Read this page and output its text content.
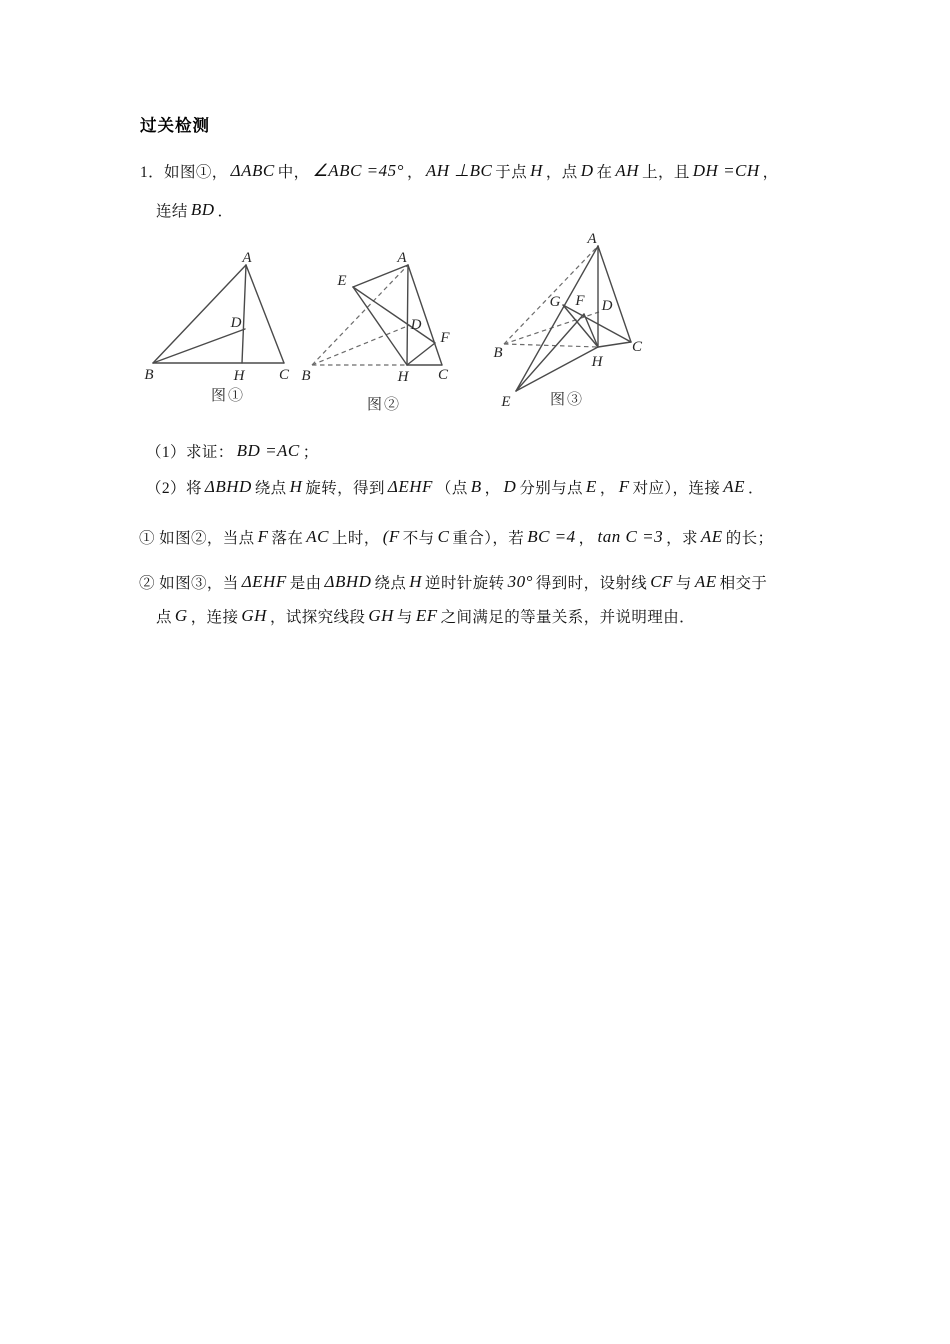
过关检测
1．如图①， ΔABC 中， ∠ABC =45° ， AH ⊥BC 于点 H ，点 D 在 AH 上，且 DH =CH ，
连结 BD ．
A
B	H C
D
图①
A
E
D
F
B	H C
图②
A
G F D
B
H
C
E	图③
（1）求证： BD =AC ；
（2）将 ΔBHD 绕点 H 旋转，得到 ΔEHF （点 B ， D 分别与点 E ， F 对应），连接 AE ．
① 如图②，当点 F 落在 AC 上时， (F 不与 C 重合），若 BC =4 ， tan C =3 ，求 AE 的长；
② 如图③，当 ΔEHF 是由 ΔBHD 绕点 H 逆时针旋转 30° 得到时，设射线 CF 与 AE 相交于
点 G ，连接 GH ，试探究线段 GH 与 EF 之间满足的等量关系，并说明理由．
